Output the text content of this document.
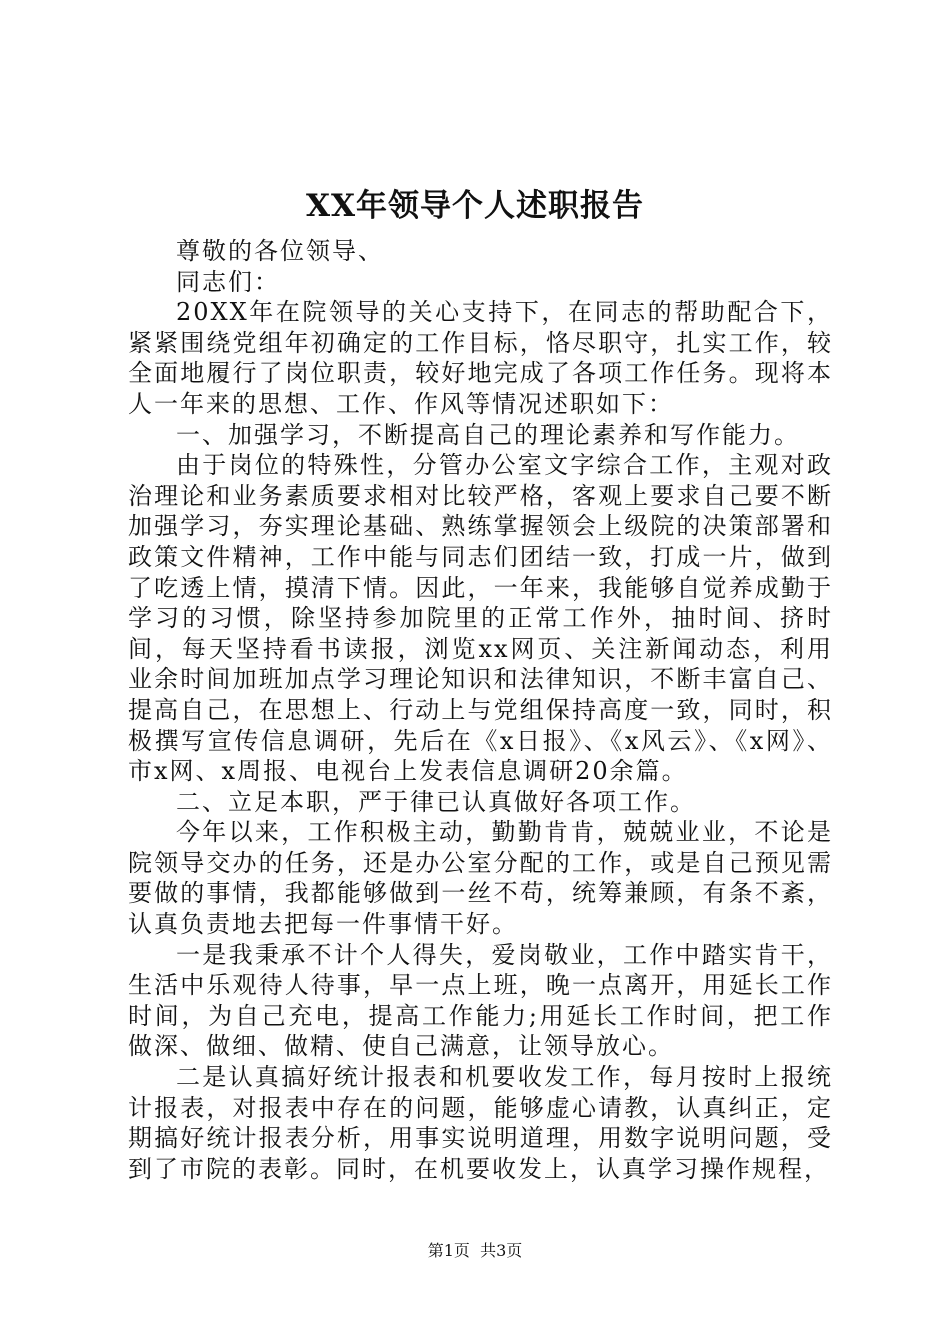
XX年领导个人述职报告

尊敬的各位领导、

同志们：

20XX年在院领导的关心支持下，在同志的帮助配合下，紧紧围绕党组年初确定的工作目标，恪尽职守，扎实工作，较全面地履行了岗位职责，较好地完成了各项工作任务。现将本人一年来的思想、工作、作风等情况述职如下：

一、加强学习，不断提高自己的理论素养和写作能力。

由于岗位的特殊性，分管办公室文字综合工作，主观对政治理论和业务素质要求相对比较严格，客观上要求自己要不断加强学习，夯实理论基础、熟练掌握领会上级院的决策部署和政策文件精神，工作中能与同志们团结一致，打成一片，做到了吃透上情，摸清下情。因此，一年来，我能够自觉养成勤于学习的习惯，除坚持参加院里的正常工作外，抽时间、挤时间，每天坚持看书读报，浏览xx网页、关注新闻动态，利用业余时间加班加点学习理论知识和法律知识，不断丰富自己、提高自己，在思想上、行动上与党组保持高度一致，同时，积极撰写宣传信息调研，先后在《x日报》、《x风云》、《x网》、市x网、x周报、电视台上发表信息调研20余篇。

二、立足本职，严于律已认真做好各项工作。

今年以来，工作积极主动，勤勤肯肯，兢兢业业，不论是院领导交办的任务，还是办公室分配的工作，或是自己预见需要做的事情，我都能够做到一丝不苟，统筹兼顾，有条不紊，认真负责地去把每一件事情干好。

一是我秉承不计个人得失，爱岗敬业，工作中踏实肯干，生活中乐观待人待事，早一点上班，晚一点离开，用延长工作时间，为自己充电，提高工作能力;用延长工作时间，把工作做深、做细、做精、使自己满意，让领导放心。

二是认真搞好统计报表和机要收发工作，每月按时上报统计报表，对报表中存在的问题，能够虚心请教，认真纠正，定期搞好统计报表分析，用事实说明道理，用数字说明问题，受到了市院的表彰。同时，在机要收发上，认真学习操作规程，

第1页 共3页
